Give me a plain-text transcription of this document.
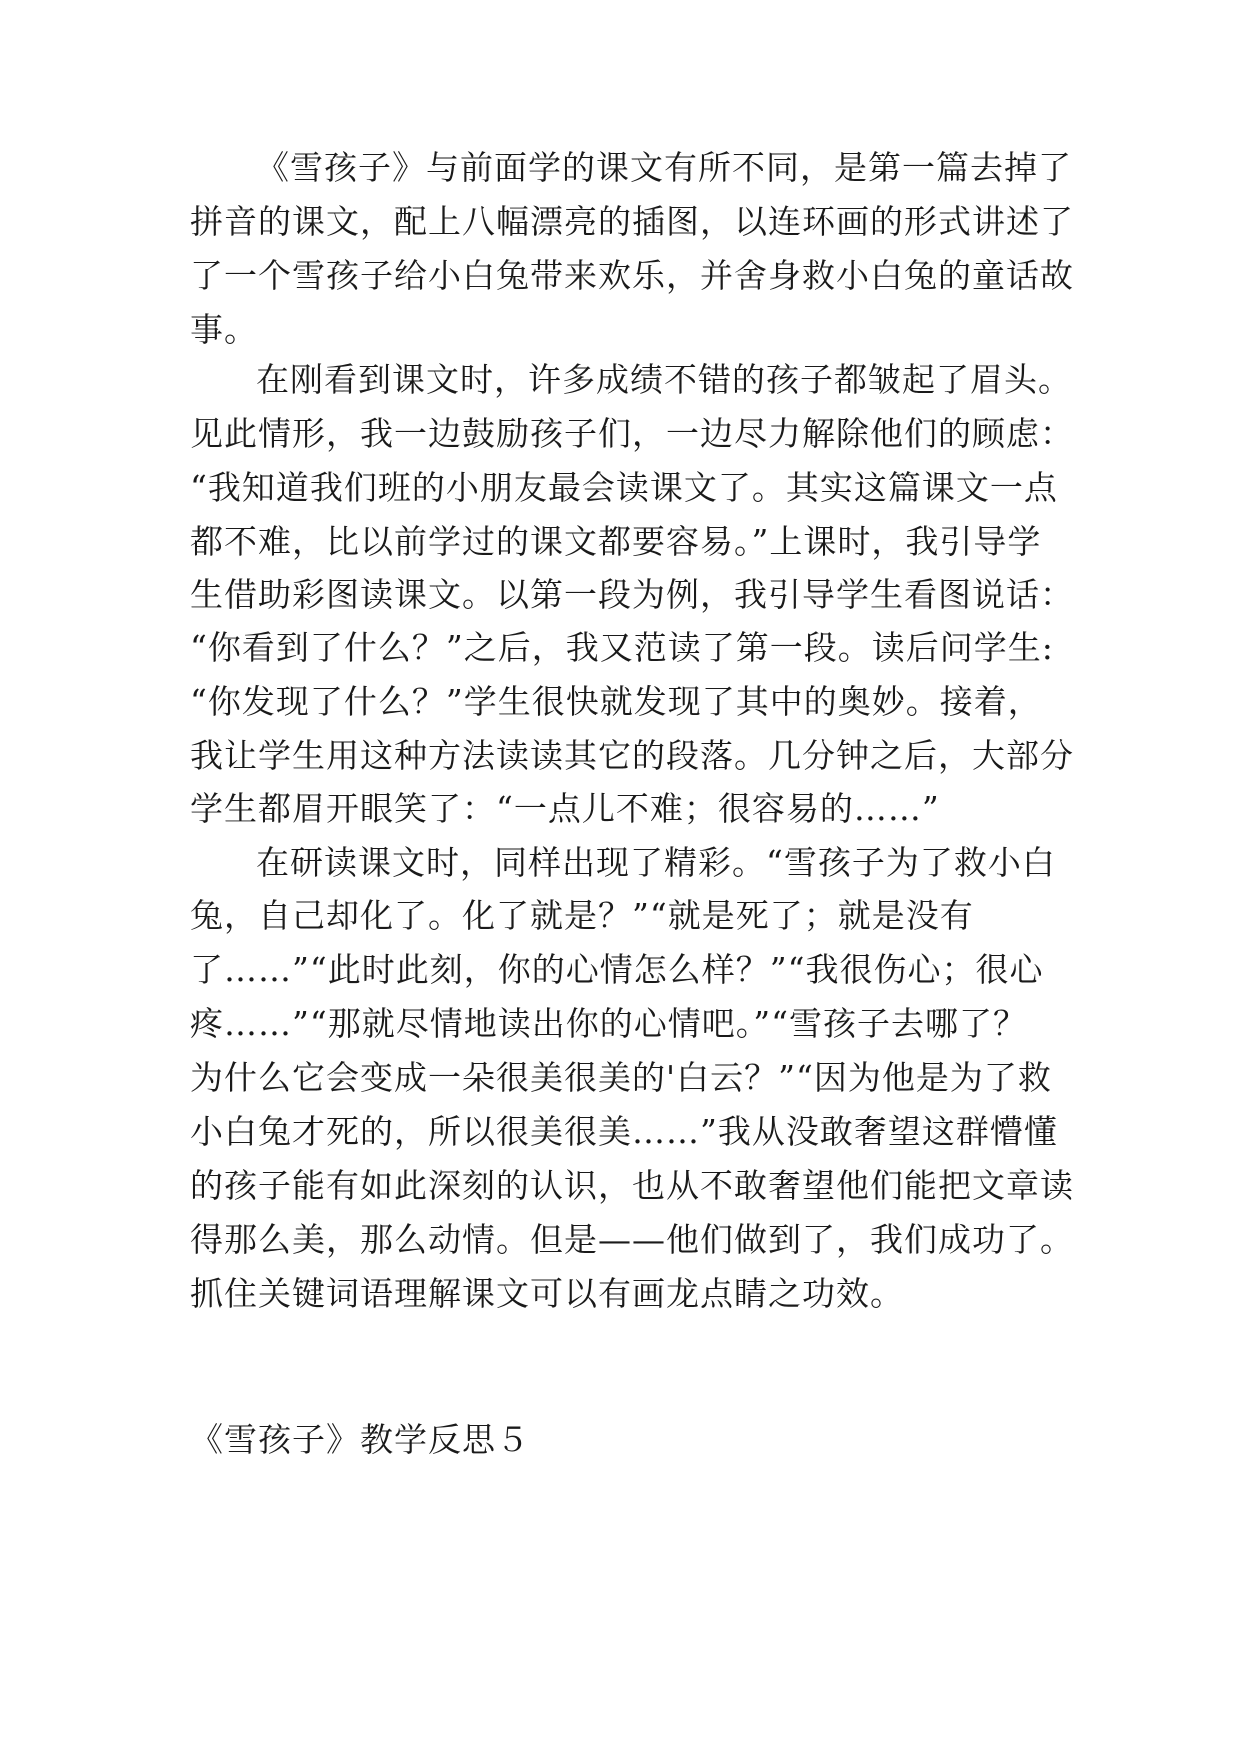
《雪孩子》与前面学的课文有所不同，是第一篇去掉了
拼音的课文，配上八幅漂亮的插图，以连环画的形式讲述了
了一个雪孩子给小白兔带来欢乐，并舍身救小白兔的童话故
事。
在刚看到课文时，许多成绩不错的孩子都皱起了眉头。
见此情形，我一边鼓励孩子们，一边尽力解除他们的顾虑：
“我知道我们班的小朋友最会读课文了。其实这篇课文一点
都不难，比以前学过的课文都要容易。”上课时，我引导学
生借助彩图读课文。以第一段为例，我引导学生看图说话：
“你看到了什么？”之后，我又范读了第一段。读后问学生:
“你发现了什么？”学生很快就发现了其中的奥妙。接着，
我让学生用这种方法读读其它的段落。几分钟之后，大部分
学生都眉开眼笑了：“一点儿不难；很容易的……”
在研读课文时，同样出现了精彩。“雪孩子为了救小白
兔，自己却化了。化了就是？”“就是死了；就是没有
了……”“此时此刻，你的心情怎么样？”“我很伤心；很心
疼……”“那就尽情地读出你的心情吧。”“雪孩子去哪了？
为什么它会变成一朵很美很美的'白云？”“因为他是为了救
小白兔才死的，所以很美很美……”我从没敢奢望这群懵懂
的孩子能有如此深刻的认识，也从不敢奢望他们能把文章读
得那么美，那么动情。但是——他们做到了，我们成功了。
抓住关键词语理解课文可以有画龙点睛之功效。
《雪孩子》教学反思５
